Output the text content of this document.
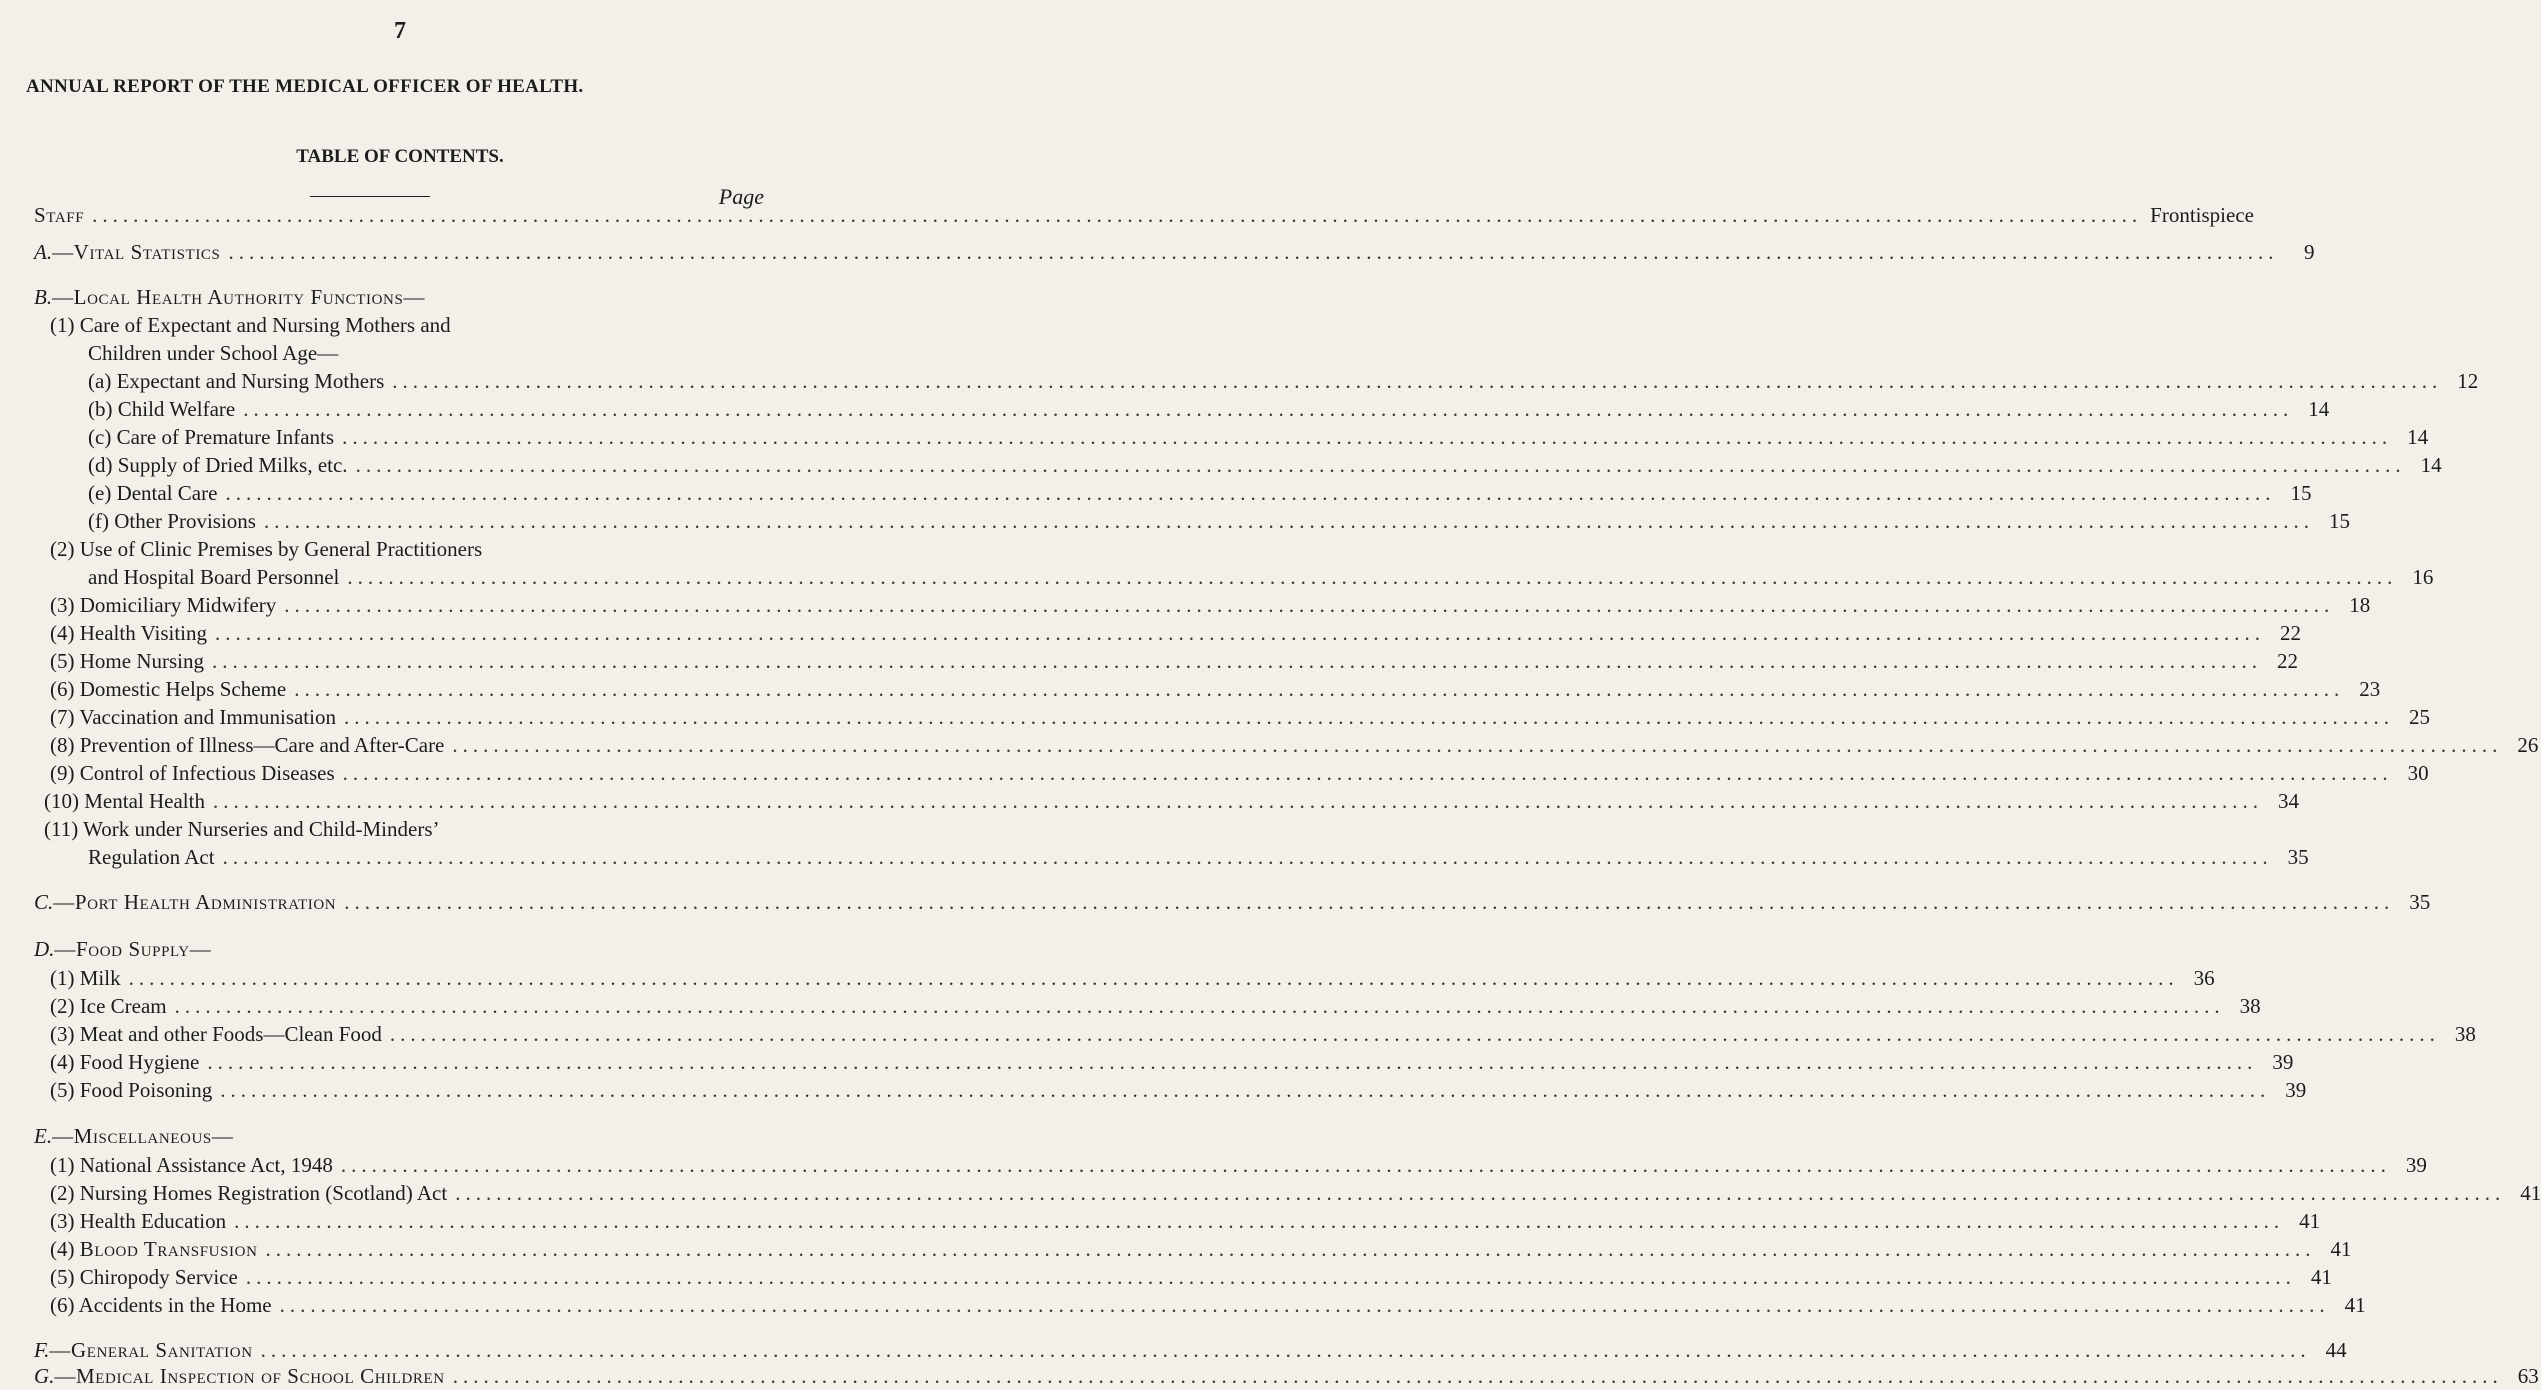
7
ANNUAL REPORT OF THE MEDICAL OFFICER OF HEALTH.
TABLE OF CONTENTS.
Page
Staff ........................................................................................................................................................................................................ Frontispiece
A.—Vital Statistics ........................................................................................................................................................................................................	9
B.—Local Health Authority Functions—
(1) Care of Expectant and Nursing Mothers and
Children under School Age—
(a) Expectant and Nursing Mothers ........................................................................................................................................................................................................ 12
(b) Child Welfare ........................................................................................................................................................................................................ 14
(c) Care of Premature Infants ........................................................................................................................................................................................................ 14
(d) Supply of Dried Milks, etc. ........................................................................................................................................................................................................ 14
(e) Dental Care ........................................................................................................................................................................................................ 15
(f) Other Provisions ........................................................................................................................................................................................................ 15
(2) Use of Clinic Premises by General Practitioners
and Hospital Board Personnel ........................................................................................................................................................................................................ 16
(3) Domiciliary Midwifery ........................................................................................................................................................................................................ 18
(4) Health Visiting ........................................................................................................................................................................................................ 22
(5) Home Nursing ........................................................................................................................................................................................................ 22
(6) Domestic Helps Scheme ........................................................................................................................................................................................................ 23
(7) Vaccination and Immunisation ........................................................................................................................................................................................................ 25
(8) Prevention of Illness—Care and After-Care ........................................................................................................................................................................................................ 26
(9) Control of Infectious Diseases ........................................................................................................................................................................................................ 30
(10) Mental Health ........................................................................................................................................................................................................ 34
(11) Work under Nurseries and Child-Minders’
Regulation Act ........................................................................................................................................................................................................ 35
C.—Port Health Administration ........................................................................................................................................................................................................ 35
D.—Food Supply—
(1) Milk ........................................................................................................................................................................................................ 36
(2) Ice Cream ........................................................................................................................................................................................................ 38
(3) Meat and other Foods—Clean Food ........................................................................................................................................................................................................ 38
(4) Food Hygiene ........................................................................................................................................................................................................ 39
(5) Food Poisoning ........................................................................................................................................................................................................ 39
E.—Miscellaneous—
(1) National Assistance Act, 1948 ........................................................................................................................................................................................................ 39
(2) Nursing Homes Registration (Scotland) Act ........................................................................................................................................................................................................ 41
(3) Health Education ........................................................................................................................................................................................................ 41
(4) Blood Transfusion ........................................................................................................................................................................................................ 41
(5) Chiropody Service ........................................................................................................................................................................................................ 41
(6) Accidents in the Home ........................................................................................................................................................................................................ 41
F.—General Sanitation ........................................................................................................................................................................................................ 44
G.—Medical Inspection of School Children ........................................................................................................................................................................................................ 63
